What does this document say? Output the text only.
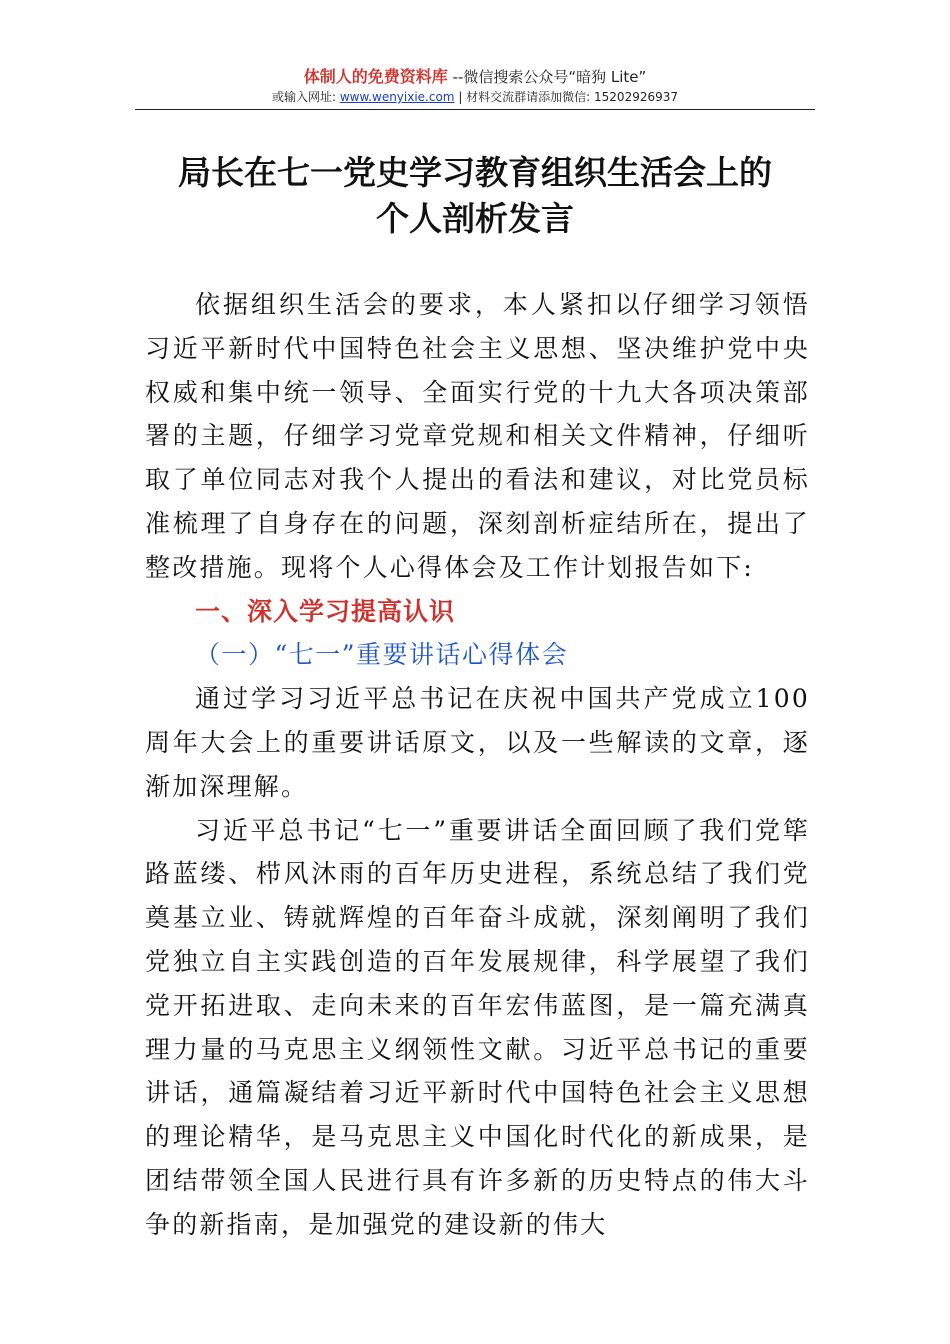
体制人的免费资料库 --微信搜索公众号“暗狗 Lite”
或输入网址: www.wenyixie.com | 材料交流群请添加微信: 15202926937
局长在七一党史学习教育组织生活会上的
个人剖析发言

依据组织生活会的要求，本人紧扣以仔细学习领悟习近平新时代中国特色社会主义思想、坚决维护党中央权威和集中统一领导、全面实行党的十九大各项决策部署的主题，仔细学习党章党规和相关文件精神，仔细听取了单位同志对我个人提出的看法和建议，对比党员标准梳理了自身存在的问题，深刻剖析症结所在，提出了整改措施。现将个人心得体会及工作计划报告如下:

一、深入学习提高认识

（一）“七一”重要讲话心得体会

通过学习习近平总书记在庆祝中国共产党成立100周年大会上的重要讲话原文，以及一些解读的文章，逐渐加深理解。

习近平总书记“七一”重要讲话全面回顾了我们党筚路蓝缕、栉风沐雨的百年历史进程，系统总结了我们党奠基立业、铸就辉煌的百年奋斗成就，深刻阐明了我们党独立自主实践创造的百年发展规律，科学展望了我们党开拓进取、走向未来的百年宏伟蓝图，是一篇充满真理力量的马克思主义纲领性文献。习近平总书记的重要讲话，通篇凝结着习近平新时代中国特色社会主义思想的理论精华，是马克思主义中国化时代化的新成果，是团结带领全国人民进行具有许多新的历史特点的伟大斗争的新指南，是加强党的建设新的伟大
